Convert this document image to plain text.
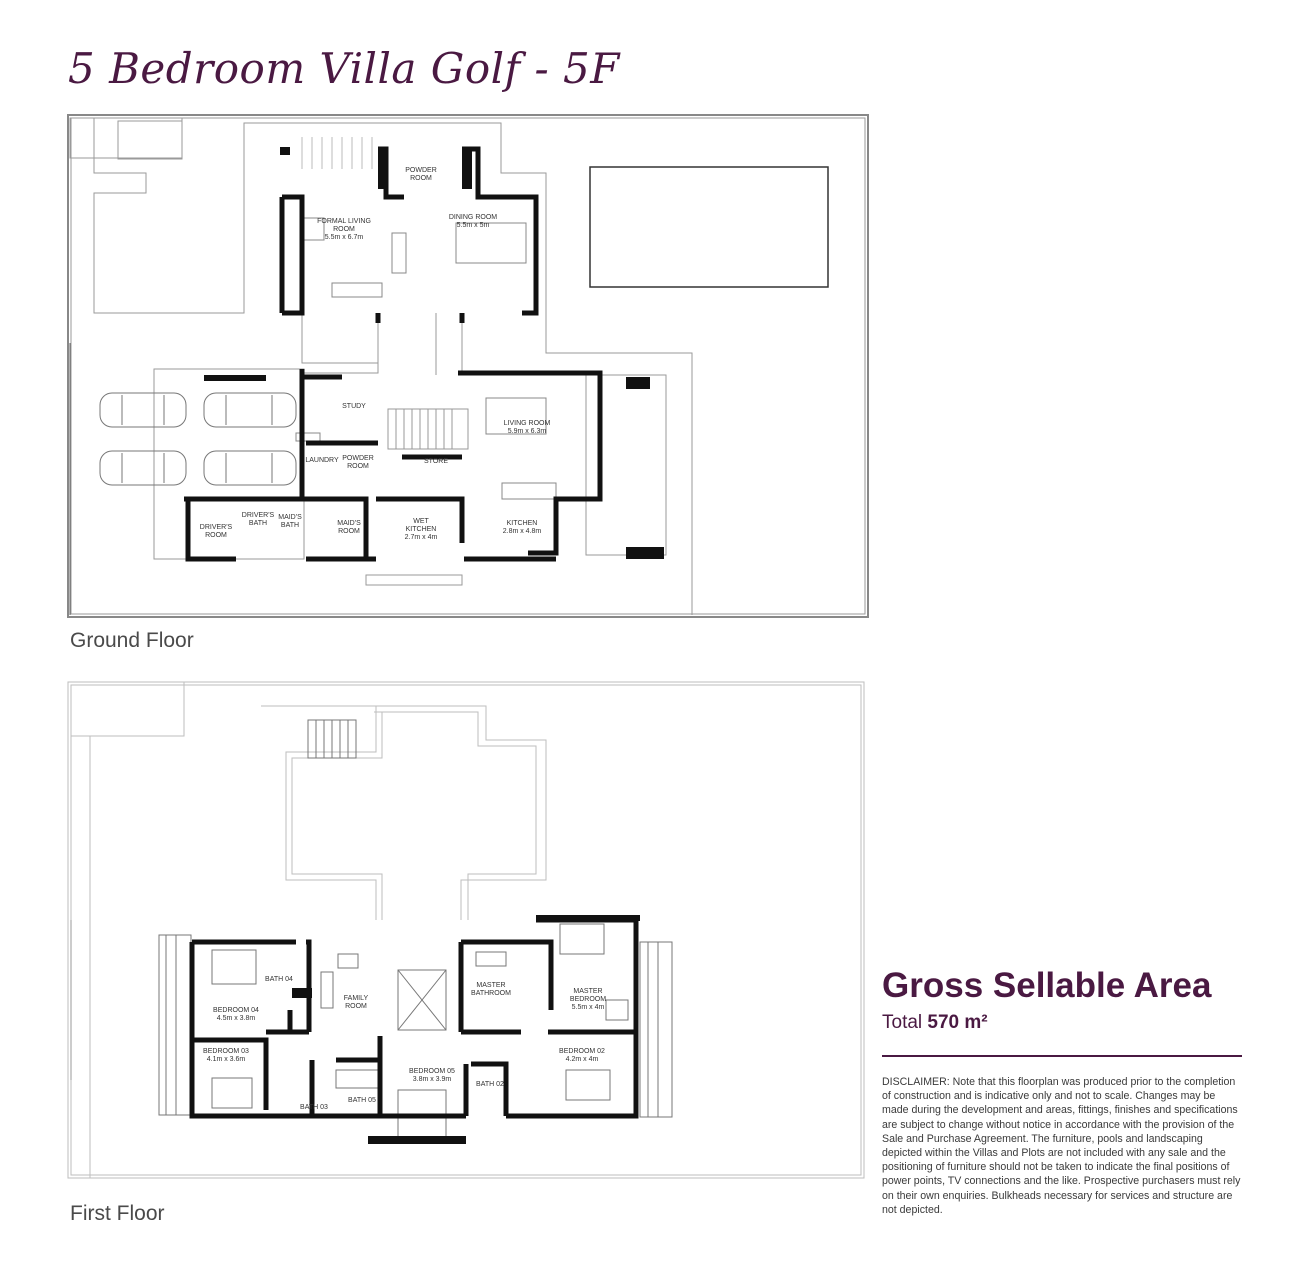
5 Bedroom Villa Golf - 5F
POWDER
ROOM
FORMAL LIVING
ROOM
5.5m x 6.7m
DINING ROOM
5.5m x 5m
STUDY
LIVING ROOM
5.9m x 6.3m
LAUNDRY POWDER
ROOM
STORE
DRIVER'S
ROOM
DRIVER'S
BATH
MAID'S
BATH	MAID'S
ROOM
WET
KITCHEN
2.7m x 4m
KITCHEN
2.8m x 4.8m
Ground Floor
BATH 04
BEDROOM 04
4.5m x 3.8m
FAMILY
ROOM
MASTER
BATHROOM	MASTER
BEDROOM
5.5m x 4m
BEDROOM 03
4.1m x 3.6m
BEDROOM 05
3.8m x 3.9m
BEDROOM 02
4.2m x 4m
BATH 03
BATH 05
BATH 02
First Floor
Gross Sellable Area
Total 570 m²
DISCLAIMER: Note that this floorplan was produced prior to the completion of construction and is indicative only and not to scale. Changes may be made during the development and areas, fittings, finishes and specifications are subject to change without notice in accordance with the provision of the Sale and Purchase Agreement. The furniture, pools and landscaping depicted within the Villas and Plots are not included with any sale and the positioning of furniture should not be taken to indicate the final positions of power points, TV connections and the like. Prospective purchasers must rely on their own enquiries. Bulkheads necessary for services and structure are not depicted.
